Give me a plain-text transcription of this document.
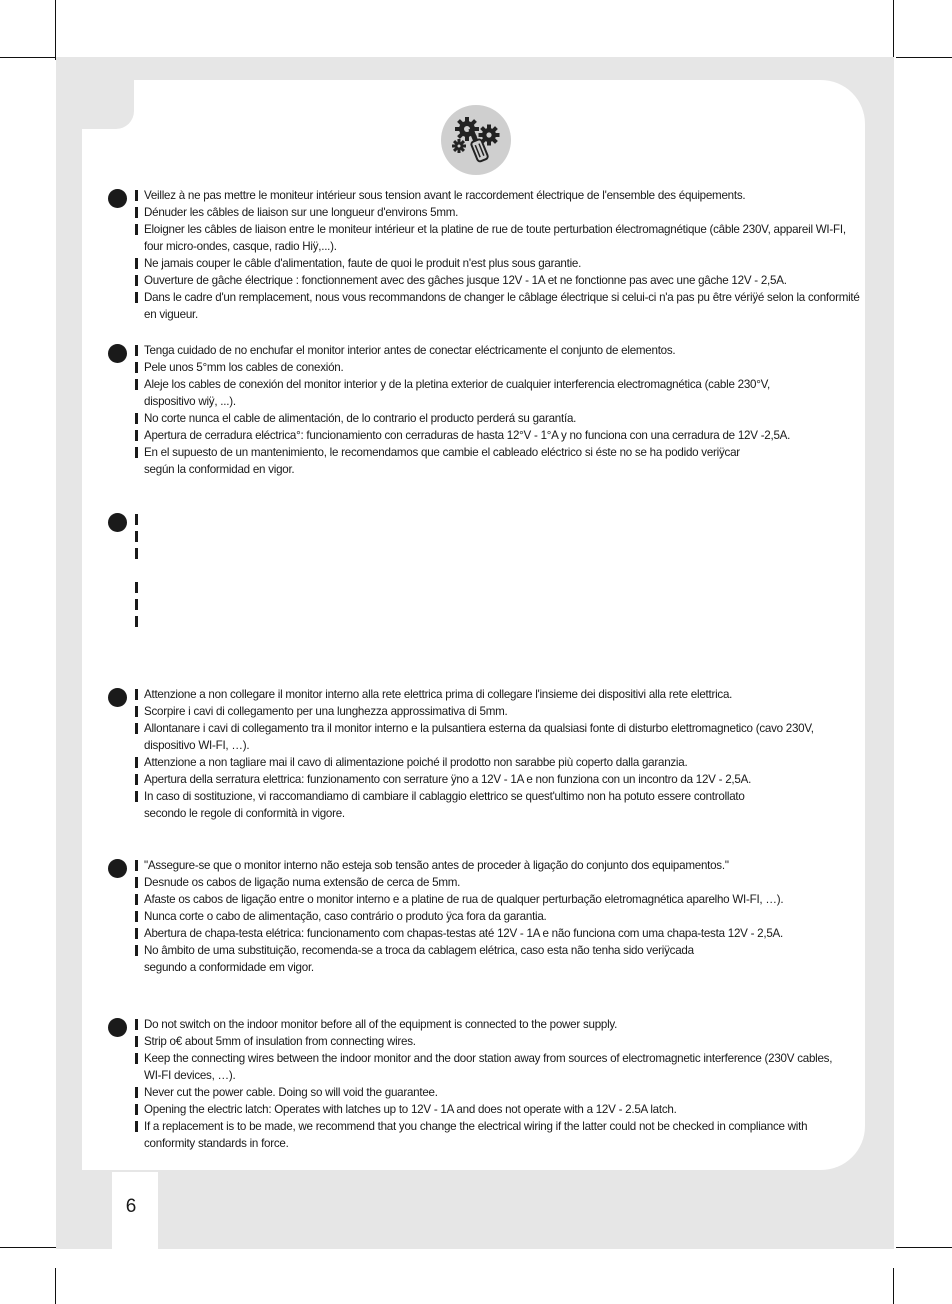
6
Veillez à ne pas mettre le moniteur intérieur sous tension avant le raccordement électrique de l'ensemble des équipements.
Dénuder les câbles de liaison sur une longueur d'environs 5mm.
Eloigner les câbles de liaison entre le moniteur intérieur et la platine de rue de toute perturbation électromagnétique (câble 230V, appareil WI-FI,
four micro-ondes, casque, radio Hiÿ,...).
Ne jamais couper le câble d'alimentation, faute de quoi le produit n'est plus sous garantie.
Ouverture de gâche électrique : fonctionnement avec des gâches jusque 12V - 1A et ne fonctionne pas avec une gâche 12V - 2,5A.
Dans le cadre d'un remplacement, nous vous recommandons de changer le câblage électrique si celui-ci n'a pas pu être vériÿé selon la conformité
en vigueur.
Tenga cuidado de no enchufar el monitor interior antes de conectar eléctricamente el conjunto de elementos.
Pele unos 5°mm los cables de conexión.
Aleje los cables de conexión del monitor interior y de la pletina exterior de cualquier interferencia electromagnética (cable 230°V,
dispositivo wiÿ, ...).
No corte nunca el cable de alimentación, de lo contrario el producto perderá su garantía.
Apertura de cerradura eléctrica°: funcionamiento con cerraduras de hasta 12°V - 1°A y no funciona con una cerradura de 12V -2,5A.
En el supuesto de un mantenimiento, le recomendamos que cambie el cableado eléctrico si éste no se ha podido veriÿcar
según la conformidad en vigor.
Attenzione a non collegare il monitor interno alla rete elettrica prima di collegare l'insieme dei dispositivi alla rete elettrica.
Scorpire i cavi di collegamento per una lunghezza approssimativa di 5mm.
Allontanare i cavi di collegamento tra il monitor interno e la pulsantiera esterna da qualsiasi fonte di disturbo elettromagnetico (cavo 230V,
dispositivo WI-FI, …).
Attenzione a non tagliare mai il cavo di alimentazione poiché il prodotto non sarabbe più coperto dalla garanzia.
Apertura della serratura elettrica: funzionamento con serrature ÿno a 12V - 1A e non funziona con un incontro da 12V - 2,5A.
In caso di sostituzione, vi raccomandiamo di cambiare il cablaggio elettrico se quest'ultimo non ha potuto essere controllato
secondo le regole di conformità in vigore.
"Assegure-se que o monitor interno não esteja sob tensão antes de proceder à ligação do conjunto dos equipamentos."
Desnude os cabos de ligação numa extensão de cerca de 5mm.
Afaste os cabos de ligação entre o monitor interno e a platine de rua de qualquer perturbação eletromagnética aparelho WI-FI, …).
Nunca corte o cabo de alimentação, caso contrário o produto ÿca fora da garantia.
Abertura de chapa-testa elétrica: funcionamento com chapas-testas até 12V - 1A e não funciona com uma chapa-testa 12V - 2,5A.
No âmbito de uma substituição, recomenda-se a troca da cablagem elétrica, caso esta não tenha sido veriÿcada
segundo a conformidade em vigor.
Do not switch on the indoor monitor before all of the equipment is connected to the power supply.
Strip o€ about 5mm of insulation from connecting wires.
Keep the connecting wires between the indoor monitor and the door station away from sources of electromagnetic interference (230V cables,
WI-FI devices, …).
Never cut the power cable. Doing so will void the guarantee.
Opening the electric latch: Operates with latches up to 12V - 1A and does not operate with a 12V - 2.5A latch.
If a replacement is to be made, we recommend that you change the electrical wiring if the latter could not be checked in compliance with
conformity standards in force.
